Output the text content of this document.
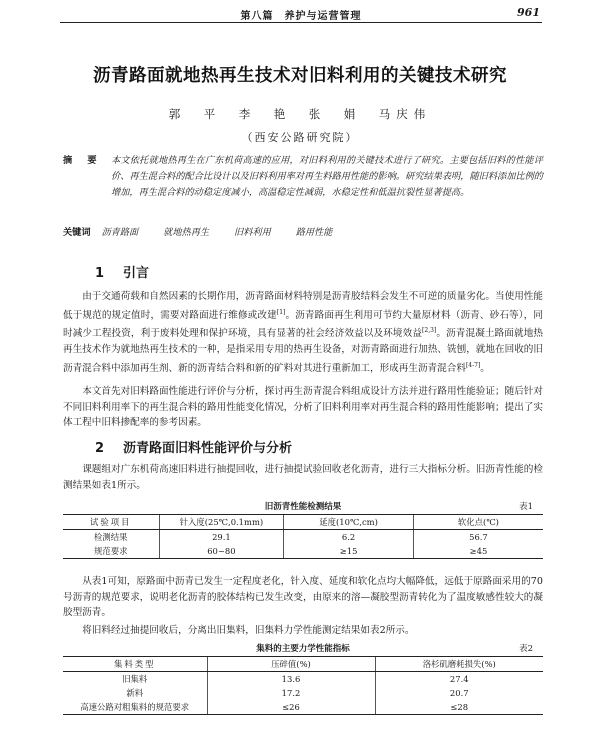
第八篇　养护与运营管理	961
沥青路面就地热再生技术对旧料利用的关键技术研究
郭　平　李　艳　张　娟　马庆伟
（西安公路研究院）
摘　要 本文依托就地热再生在广东机荷高速的应用，对旧料利用的关键技术进行了研究。主要包括旧料的性能评价、再生混合料的配合比设计以及旧料利用率对再生料路用性能的影响。研究结果表明，随旧料添加比例的增加，再生混合料的动稳定度减小，高温稳定性减弱，水稳定性和低温抗裂性显著提高。
关键词 沥青路面	就地热再生	旧料利用	路用性能
1 引言
由于交通荷载和自然因素的长期作用，沥青路面材料特别是沥青胶结料会发生不可逆的质量劣化。当使用性能低于规范的规定值时，需要对路面进行维修或改建[1]。沥青路面再生利用可节约大量原材料（沥青、砂石等），同时减少工程投资，利于废料处理和保护环境，具有显著的社会经济效益以及环境效益[2,3]。沥青混凝土路面就地热再生技术作为就地热再生技术的一种，是指采用专用的热再生设备，对沥青路面进行加热、铣刨，就地在回收的旧沥青混合料中添加再生剂、新的沥青结合料和新的矿料对其进行重新加工，形成再生沥青混合料[4-7]。
本文首先对旧料路面性能进行评价与分析，探讨再生沥青混合料组成设计方法并进行路用性能验证；随后针对不同旧料利用率下的再生混合料的路用性能变化情况，分析了旧料利用率对再生混合料的路用性能影响；提出了实体工程中旧料掺配率的参考因素。
2 沥青路面旧料性能评价与分析
课题组对广东机荷高速旧料进行抽提回收，进行抽提试验回收老化沥青，进行三大指标分析。旧沥青性能的检测结果如表1所示。
旧沥青性能检测结果	表1
试验项目	针入度(25℃,0.1mm)	延度(10℃,cm)	软化点(℃)
检测结果	29.1	6.2	56.7
规范要求	60~80	≥15	≥45
从表1可知，原路面中沥青已发生一定程度老化，针入度、延度和软化点均大幅降低，远低于原路面采用的70号沥青的规范要求，说明老化沥青的胶体结构已发生改变，由原来的溶—凝胶型沥青转化为了温度敏感性较大的凝胶型沥青。
将旧料经过抽提回收后，分离出旧集料，旧集料力学性能测定结果如表2所示。
集料的主要力学性能指标	表2
集料类型	压碎值(%)	洛杉矶磨耗损失(%)
旧集料	13.6	27.4
新料	17.2	20.7
高速公路对粗集料的规范要求	≤26	≤28
